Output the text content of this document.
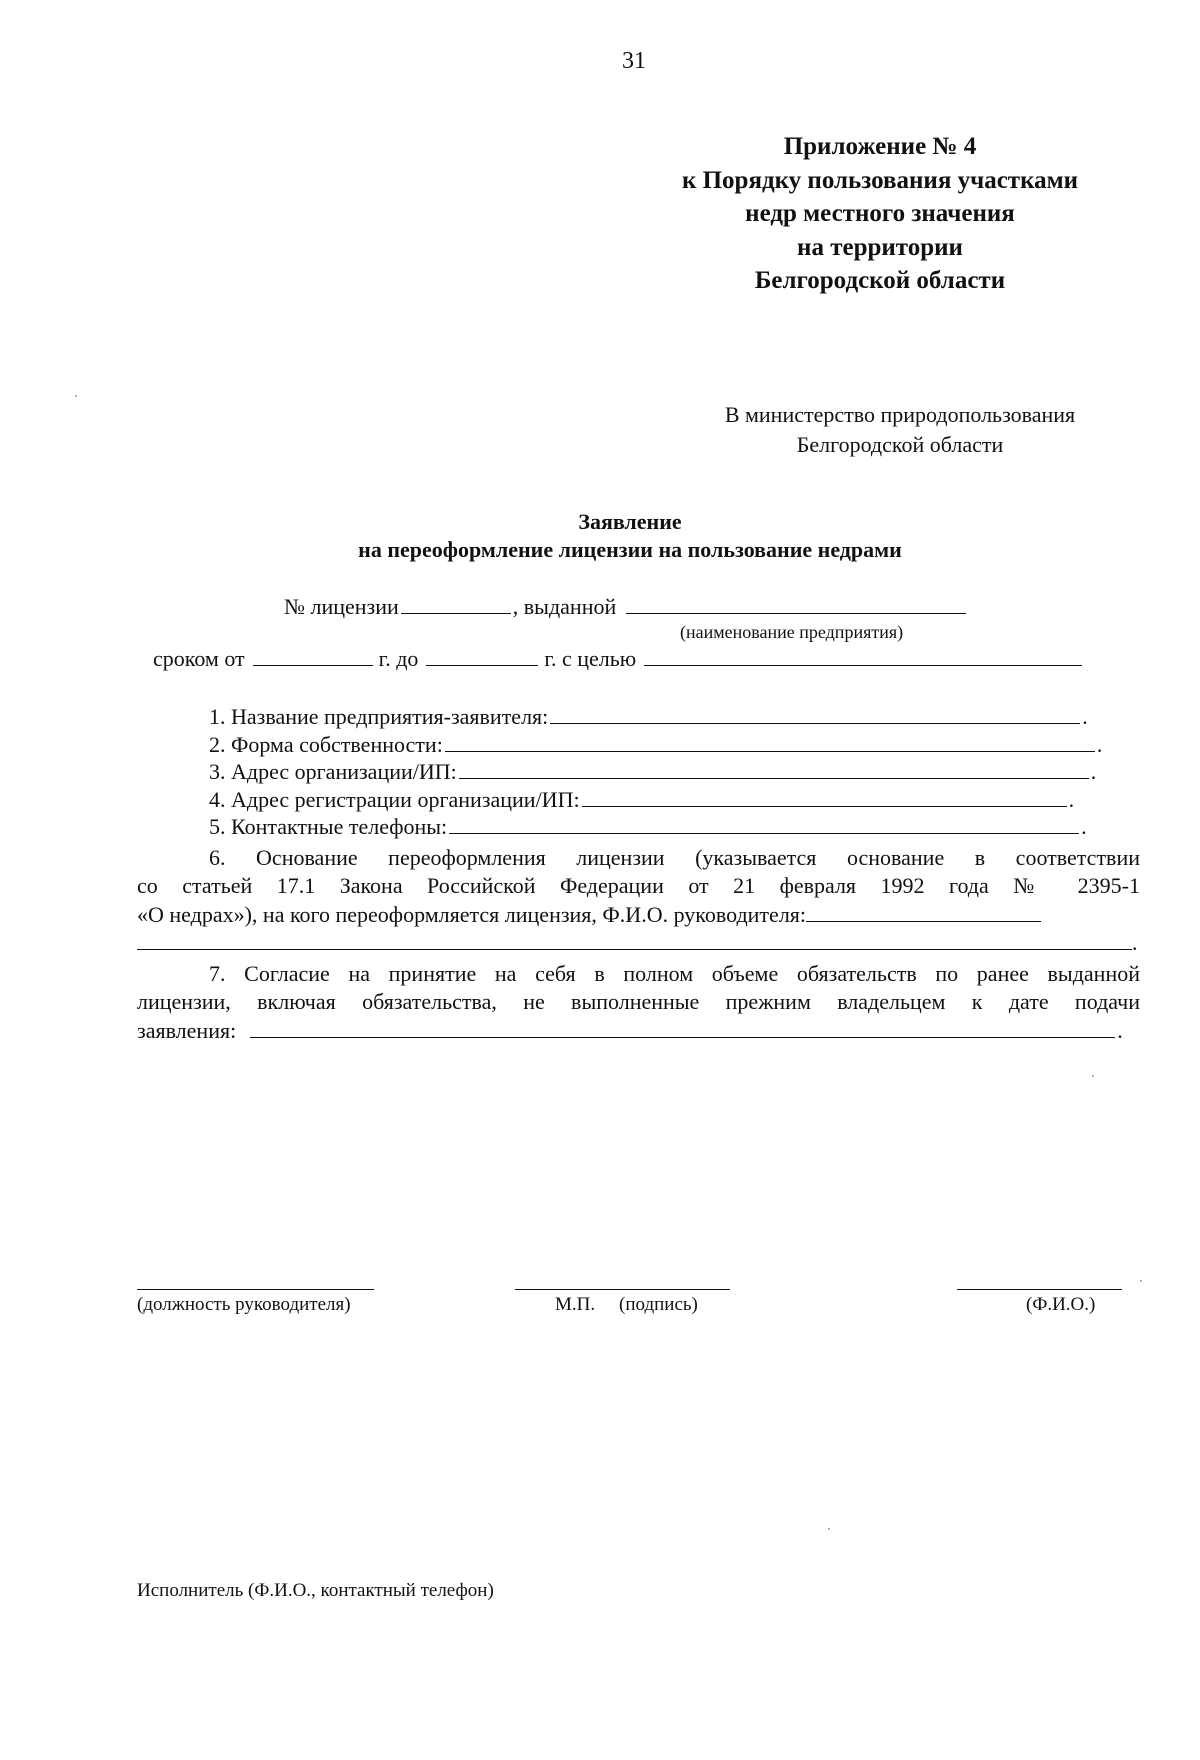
31
Приложение № 4
к Порядку пользования участками
недр местного значения
на территории
Белгородской области
В министерство природопользования
Белгородской области
Заявление
на переоформление лицензии на пользование недрами
№ лицензии	, выданной
(наименование предприятия)
сроком от	г. до	г. с целью
1. Название предприятия-заявителя:	.
2. Форма собственности:	.
3. Адрес организации/ИП:	.
4. Адрес регистрации организации/ИП:	.
5. Контактные телефоны:	.
6. Основание переоформления лицензии (указывается основание в соответствии
со статьей 17.1 Закона Российской Федерации от 21 февраля 1992 года № 2395-1
«О недрах»), на кого переоформляется лицензия, Ф.И.О. руководителя:
.
7. Согласие на принятие на себя в полном объеме обязательств по ранее выданной
лицензии, включая обязательства, не выполненные прежним владельцем к дате подачи
заявления:	.
(должность руководителя)	М.П. (подпись)	(Ф.И.О.)
Исполнитель (Ф.И.О., контактный телефон)
